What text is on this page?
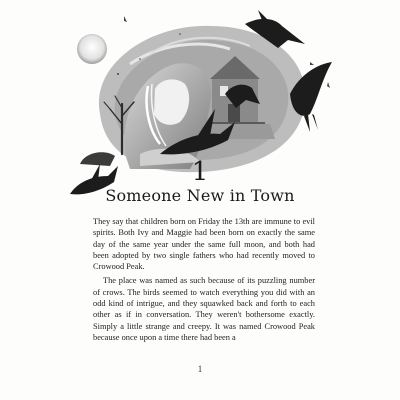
1
Someone New in Town

They say that children born on Friday the 13th are immune to evil spirits. Both Ivy and Maggie had been born on exactly the same day of the same year under the same full moon, and both had been adopted by two single fathers who had recently moved to Crowood Peak.

The place was named as such because of its puzzling number of crows. The birds seemed to watch everything you did with an odd kind of intrigue, and they squawked back and forth to each other as if in conversation. They weren't bothersome exactly. Simply a little strange and creepy. It was named Crowood Peak because once upon a time there had been a

1
